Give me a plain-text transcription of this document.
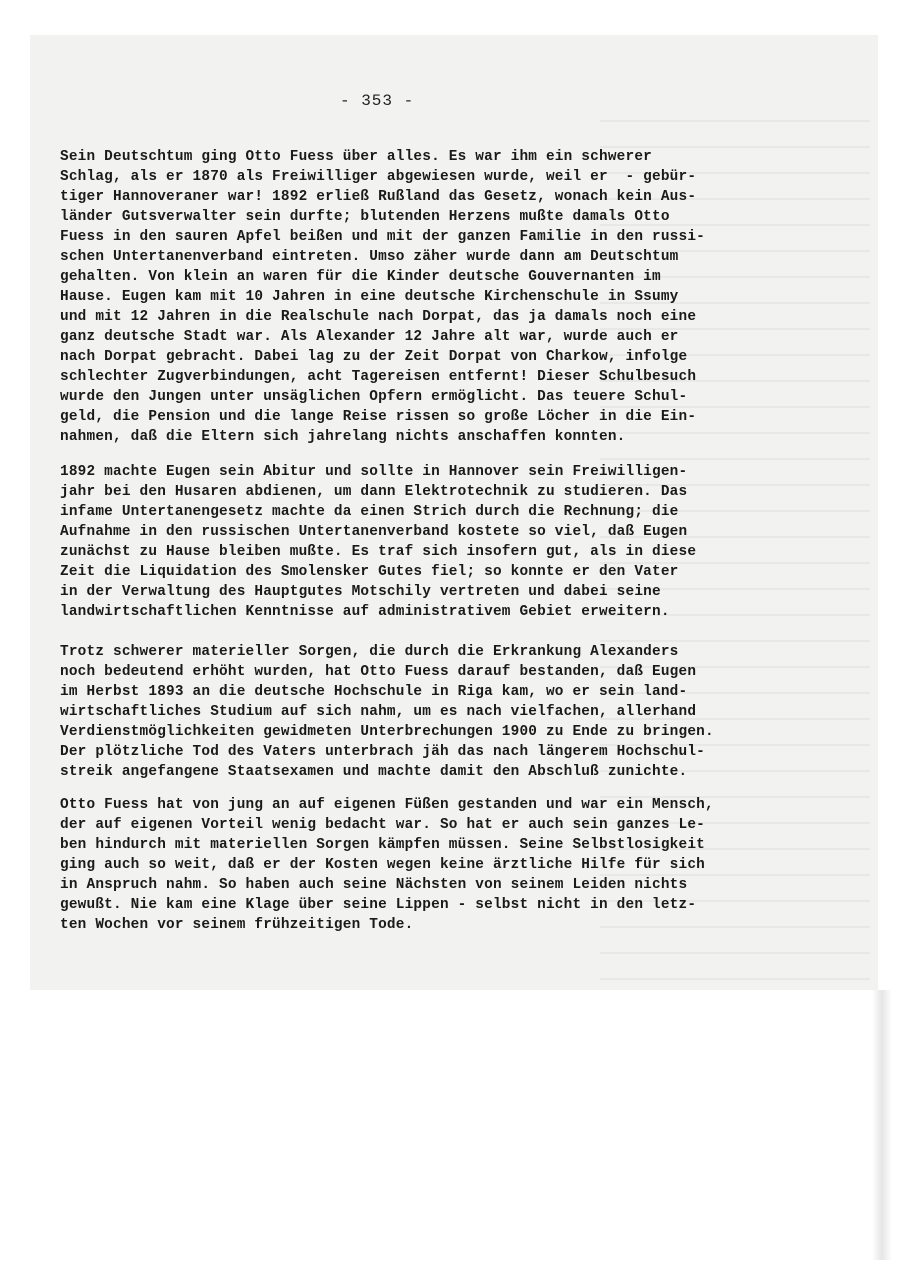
- 353 -
Sein Deutschtum ging Otto Fuess über alles. Es war ihm ein schwerer
Schlag, als er 1870 als Freiwilliger abgewiesen wurde, weil er  - gebür-
tiger Hannoveraner war! 1892 erließ Rußland das Gesetz, wonach kein Aus-
länder Gutsverwalter sein durfte; blutenden Herzens mußte damals Otto
Fuess in den sauren Apfel beißen und mit der ganzen Familie in den russi-
schen Untertanenverband eintreten. Umso zäher wurde dann am Deutschtum
gehalten. Von klein an waren für die Kinder deutsche Gouvernanten im
Hause. Eugen kam mit 10 Jahren in eine deutsche Kirchenschule in Ssumy
und mit 12 Jahren in die Realschule nach Dorpat, das ja damals noch eine
ganz deutsche Stadt war. Als Alexander 12 Jahre alt war, wurde auch er
nach Dorpat gebracht. Dabei lag zu der Zeit Dorpat von Charkow, infolge
schlechter Zugverbindungen, acht Tagereisen entfernt! Dieser Schulbesuch
wurde den Jungen unter unsäglichen Opfern ermöglicht. Das teuere Schul-
geld, die Pension und die lange Reise rissen so große Löcher in die Ein-
nahmen, daß die Eltern sich jahrelang nichts anschaffen konnten.
1892 machte Eugen sein Abitur und sollte in Hannover sein Freiwilligen-
jahr bei den Husaren abdienen, um dann Elektrotechnik zu studieren. Das
infame Untertanengesetz machte da einen Strich durch die Rechnung; die
Aufnahme in den russischen Untertanenverband kostete so viel, daß Eugen
zunächst zu Hause bleiben mußte. Es traf sich insofern gut, als in diese
Zeit die Liquidation des Smolensker Gutes fiel; so konnte er den Vater
in der Verwaltung des Hauptgutes Motschily vertreten und dabei seine
landwirtschaftlichen Kenntnisse auf administrativem Gebiet erweitern.
Trotz schwerer materieller Sorgen, die durch die Erkrankung Alexanders
noch bedeutend erhöht wurden, hat Otto Fuess darauf bestanden, daß Eugen
im Herbst 1893 an die deutsche Hochschule in Riga kam, wo er sein land-
wirtschaftliches Studium auf sich nahm, um es nach vielfachen, allerhand
Verdienstmöglichkeiten gewidmeten Unterbrechungen 1900 zu Ende zu bringen.
Der plötzliche Tod des Vaters unterbrach jäh das nach längerem Hochschul-
streik angefangene Staatsexamen und machte damit den Abschluß zunichte.
Otto Fuess hat von jung an auf eigenen Füßen gestanden und war ein Mensch,
der auf eigenen Vorteil wenig bedacht war. So hat er auch sein ganzes Le-
ben hindurch mit materiellen Sorgen kämpfen müssen. Seine Selbstlosigkeit
ging auch so weit, daß er der Kosten wegen keine ärztliche Hilfe für sich
in Anspruch nahm. So haben auch seine Nächsten von seinem Leiden nichts
gewußt. Nie kam eine Klage über seine Lippen - selbst nicht in den letz-
ten Wochen vor seinem frühzeitigen Tode.
